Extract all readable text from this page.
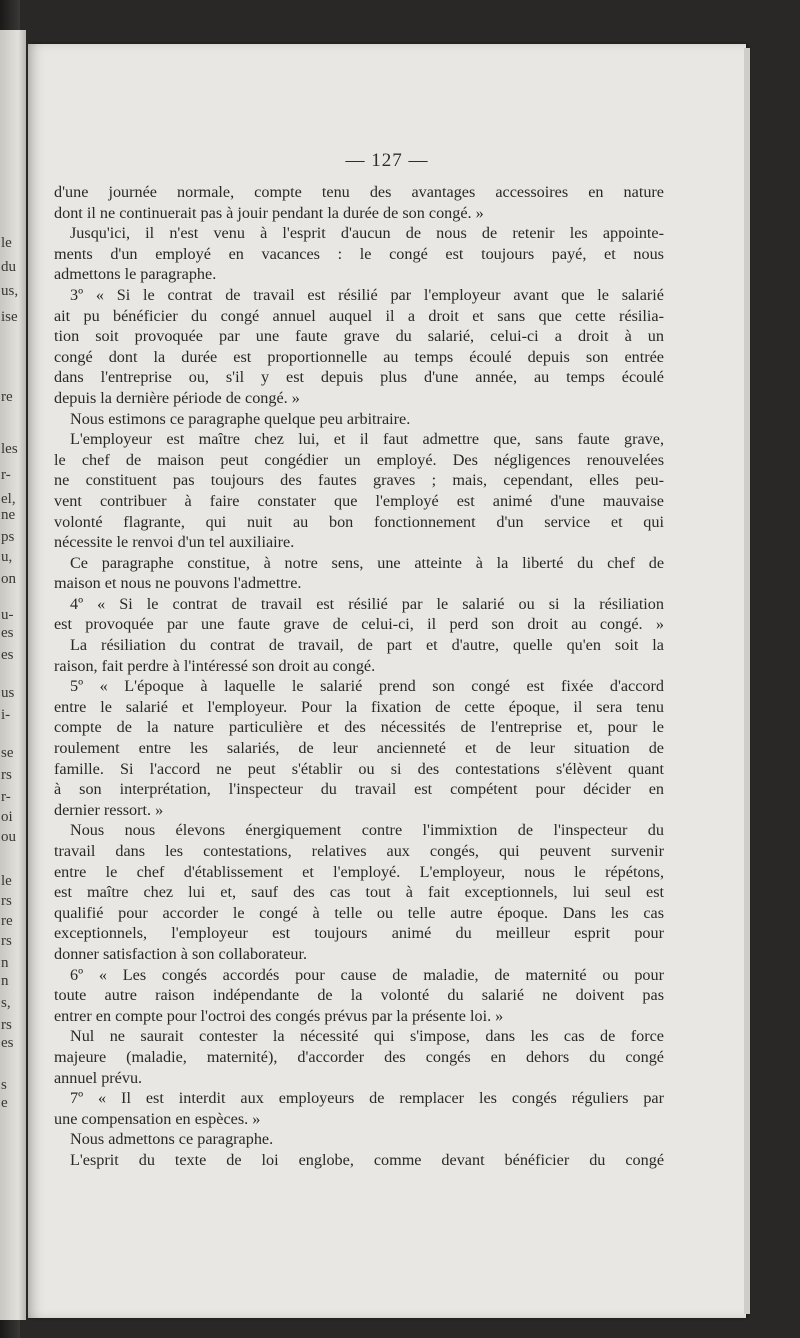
le
du
us,
ise
re
les
r-
el,
ne
ps
u,
on
u-
es
es
us
i-
se
rs
r-
oi
ou
le
rs
re
rs
n
n
s,
rs
es
s
e
— 127 —
d'une journée normale, compte tenu des avantages accessoires en nature
dont il ne continuerait pas à jouir pendant la durée de son congé. »
Jusqu'ici, il n'est venu à l'esprit d'aucun de nous de retenir les appointe-
ments d'un employé en vacances : le congé est toujours payé, et nous
admettons le paragraphe.
3º « Si le contrat de travail est résilié par l'employeur avant que le salarié
ait pu bénéficier du congé annuel auquel il a droit et sans que cette résilia-
tion soit provoquée par une faute grave du salarié, celui-ci a droit à un
congé dont la durée est proportionnelle au temps écoulé depuis son entrée
dans l'entreprise ou, s'il y est depuis plus d'une année, au temps écoulé
depuis la dernière période de congé. »
Nous estimons ce paragraphe quelque peu arbitraire.
L'employeur est maître chez lui, et il faut admettre que, sans faute grave,
le chef de maison peut congédier un employé. Des négligences renouvelées
ne constituent pas toujours des fautes graves ; mais, cependant, elles peu-
vent contribuer à faire constater que l'employé est animé d'une mauvaise
volonté flagrante, qui nuit au bon fonctionnement d'un service et qui
nécessite le renvoi d'un tel auxiliaire.
Ce paragraphe constitue, à notre sens, une atteinte à la liberté du chef de
maison et nous ne pouvons l'admettre.
4º « Si le contrat de travail est résilié par le salarié ou si la résiliation
est provoquée par une faute grave de celui-ci, il perd son droit au congé. »
La résiliation du contrat de travail, de part et d'autre, quelle qu'en soit la
raison, fait perdre à l'intéressé son droit au congé.
5º « L'époque à laquelle le salarié prend son congé est fixée d'accord
entre le salarié et l'employeur. Pour la fixation de cette époque, il sera tenu
compte de la nature particulière et des nécessités de l'entreprise et, pour le
roulement entre les salariés, de leur ancienneté et de leur situation de
famille. Si l'accord ne peut s'établir ou si des contestations s'élèvent quant
à son interprétation, l'inspecteur du travail est compétent pour décider en
dernier ressort. »
Nous nous élevons énergiquement contre l'immixtion de l'inspecteur du
travail dans les contestations, relatives aux congés, qui peuvent survenir
entre le chef d'établissement et l'employé. L'employeur, nous le répétons,
est maître chez lui et, sauf des cas tout à fait exceptionnels, lui seul est
qualifié pour accorder le congé à telle ou telle autre époque. Dans les cas
exceptionnels, l'employeur est toujours animé du meilleur esprit pour
donner satisfaction à son collaborateur.
6º « Les congés accordés pour cause de maladie, de maternité ou pour
toute autre raison indépendante de la volonté du salarié ne doivent pas
entrer en compte pour l'octroi des congés prévus par la présente loi. »
Nul ne saurait contester la nécessité qui s'impose, dans les cas de force
majeure (maladie, maternité), d'accorder des congés en dehors du congé
annuel prévu.
7º « Il est interdit aux employeurs de remplacer les congés réguliers par
une compensation en espèces. »
Nous admettons ce paragraphe.
L'esprit du texte de loi englobe, comme devant bénéficier du congé
